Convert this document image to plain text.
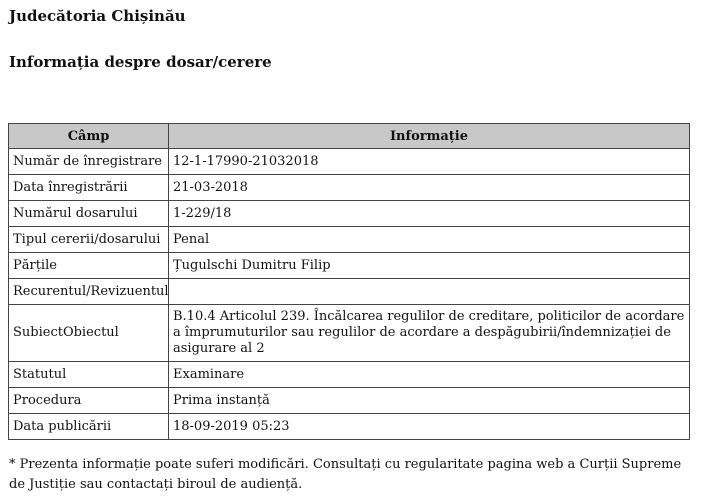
Judecătoria Chișinău
Informația despre dosar/cerere
Câmp	Informație
Număr de înregistrare	12-1-17990-21032018
Data înregistrării	21-03-2018
Numărul dosarului	1-229/18
Tipul cererii/dosarului	Penal
Părțile	Țugulschi Dumitru Filip
Recurentul/Revizuentul	
SubiectObiectul	B.10.4 Articolul 239. Încălcarea regulilor de creditare, politicilor de acordare a împrumuturilor sau regulilor de acordare a despăgubirii/îndemnizației de asigurare al 2
Statutul	Examinare
Procedura	Prima instanță
Data publicării	18-09-2019 05:23
* Prezenta informație poate suferi modificări. Consultați cu regularitate pagina web a Curții Supreme de Justiție sau contactați biroul de audiență.
